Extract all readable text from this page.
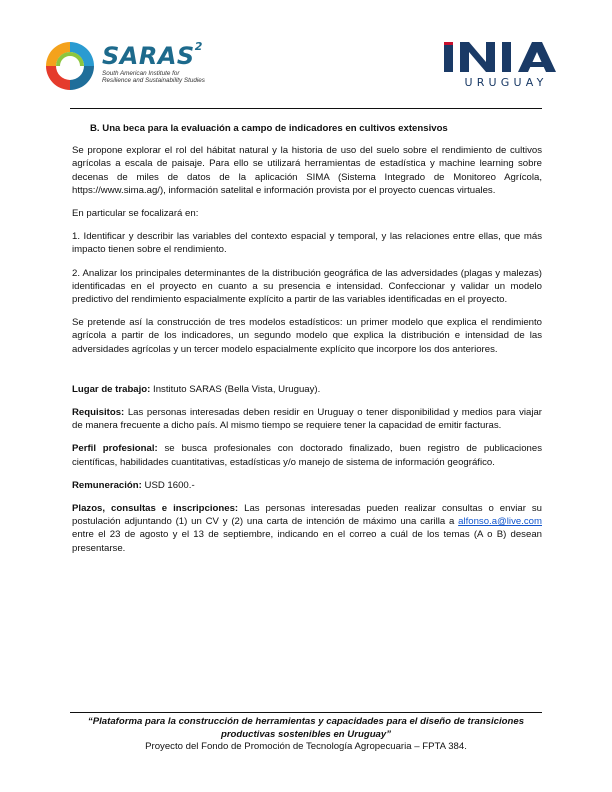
SARAS$^2$
South American Institute for
Resilience and Sustainability Studies	URUGUAY
B. Una beca para la evaluación a campo de indicadores en cultivos extensivos

Se propone explorar el rol del hábitat natural y la historia de uso del suelo sobre el rendimiento de cultivos agrícolas a escala de paisaje. Para ello se utilizará herramientas de estadística y machine learning sobre decenas de miles de datos de la aplicación SIMA (Sistema Integrado de Monitoreo Agrícola, https://www.sima.ag/), información satelital e información provista por el proyecto cuencas virtuales.

En particular se focalizará en:

1. Identificar y describir las variables del contexto espacial y temporal, y las relaciones entre ellas, que más impacto tienen sobre el rendimiento.

2. Analizar los principales determinantes de la distribución geográfica de las adversidades (plagas y malezas) identificadas en el proyecto en cuanto a su presencia e intensidad. Confeccionar y validar un modelo predictivo del rendimiento espacialmente explícito a partir de las variables identificadas en el proyecto.

Se pretende así la construcción de tres modelos estadísticos: un primer modelo que explica el rendimiento agrícola a partir de los indicadores, un segundo modelo que explica la distribución e intensidad de las adversidades agrícolas y un tercer modelo espacialmente explícito que incorpore los dos anteriores.

Lugar de trabajo: Instituto SARAS (Bella Vista, Uruguay).

Requisitos: Las personas interesadas deben residir en Uruguay o tener disponibilidad y medios para viajar de manera frecuente a dicho país. Al mismo tiempo se requiere tener la capacidad de emitir facturas.

Perfil profesional: se busca profesionales con doctorado finalizado, buen registro de publicaciones científicas, habilidades cuantitativas, estadísticas y/o manejo de sistema de información geográfico.

Remuneración: USD 1600.-

Plazos, consultas e inscripciones: Las personas interesadas pueden realizar consultas o enviar su postulación adjuntando (1) un CV y (2) una carta de intención de máximo una carilla a alfonso.a@live.com entre el 23 de agosto y el 13 de septiembre, indicando en el correo a cuál de los temas (A o B) desean presentarse.

“Plataforma para la construcción de herramientas y capacidades para el diseño de transiciones productivas sostenibles en Uruguay”
Proyecto del Fondo de Promoción de Tecnología Agropecuaria – FPTA 384.
